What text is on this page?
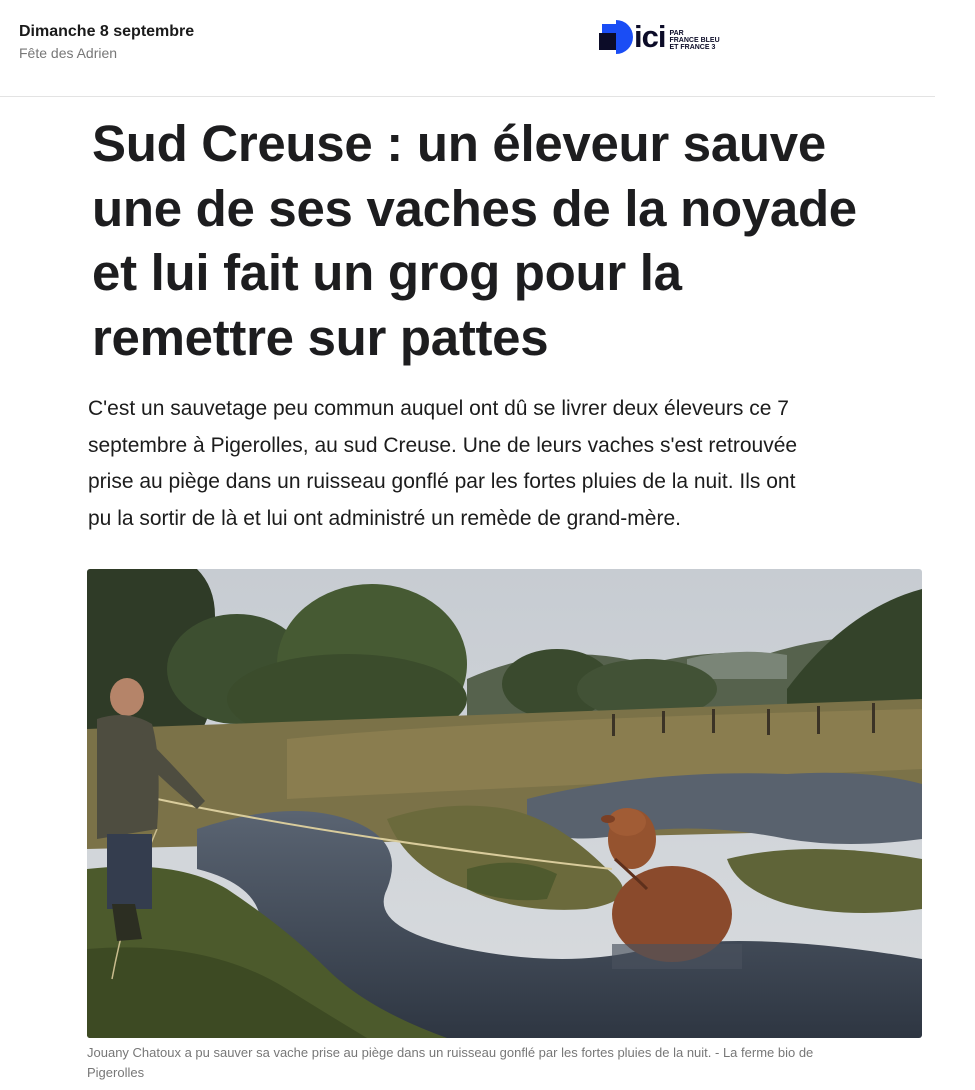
Dimanche 8 septembre
Fête des Adrien	ici PAR
FRANCE BLEU
ET FRANCE 3
Sud Creuse : un éleveur sauve
une de ses vaches de la noyade
et lui fait un grog pour la
remettre sur pattes

C'est un sauvetage peu commun auquel ont dû se livrer deux éleveurs ce 7
septembre à Pigerolles, au sud Creuse. Une de leurs vaches s'est retrouvée
prise au piège dans un ruisseau gonflé par les fortes pluies de la nuit. Ils ont
pu la sortir de là et lui ont administré un remède de grand-mère.

Jouany Chatoux a pu sauver sa vache prise au piège dans un ruisseau gonflé par les fortes pluies de la nuit. - La ferme bio de
Pigerolles
